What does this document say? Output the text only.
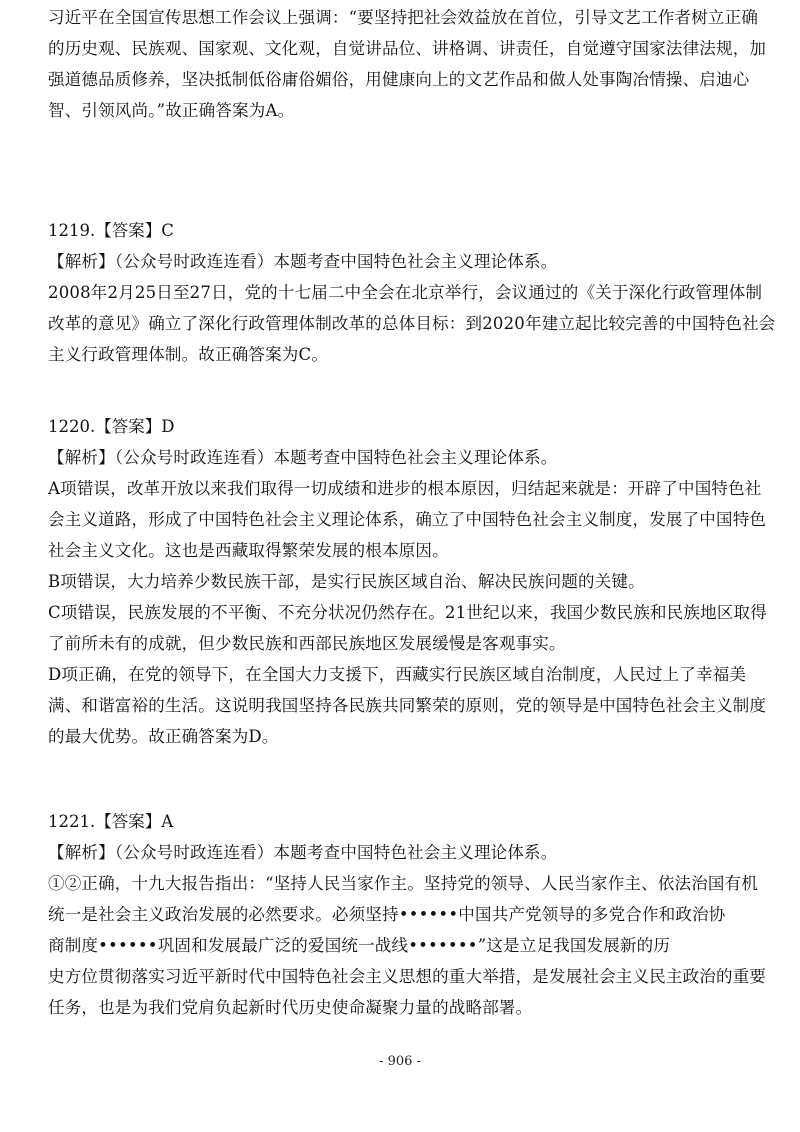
习近平在全国宣传思想工作会议上强调：“要坚持把社会效益放在首位，引导文艺工作者树立正确
的历史观、民族观、国家观、文化观，自觉讲品位、讲格调、讲责任，自觉遵守国家法律法规，加
强道德品质修养，坚决抵制低俗庸俗媚俗，用健康向上的文艺作品和做人处事陶冶情操、启迪心
智、引领风尚。”故正确答案为A。
1219.【答案】C
【解析】（公众号时政连连看）本题考查中国特色社会主义理论体系。
2008年2月25日至27日，党的十七届二中全会在北京举行，会议通过的《关于深化行政管理体制
改革的意见》确立了深化行政管理体制改革的总体目标：到2020年建立起比较完善的中国特色社会
主义行政管理体制。故正确答案为C。
1220.【答案】D
【解析】（公众号时政连连看）本题考查中国特色社会主义理论体系。
A项错误，改革开放以来我们取得一切成绩和进步的根本原因，归结起来就是：开辟了中国特色社
会主义道路，形成了中国特色社会主义理论体系，确立了中国特色社会主义制度，发展了中国特色
社会主义文化。这也是西藏取得繁荣发展的根本原因。
B项错误，大力培养少数民族干部，是实行民族区域自治、解决民族问题的关键。
C项错误，民族发展的不平衡、不充分状况仍然存在。21世纪以来，我国少数民族和民族地区取得
了前所未有的成就，但少数民族和西部民族地区发展缓慢是客观事实。
D项正确，在党的领导下，在全国大力支援下，西藏实行民族区域自治制度，人民过上了幸福美
满、和谐富裕的生活。这说明我国坚持各民族共同繁荣的原则，党的领导是中国特色社会主义制度
的最大优势。故正确答案为D。
1221.【答案】A
【解析】（公众号时政连连看）本题考查中国特色社会主义理论体系。
①②正确，十九大报告指出：“坚持人民当家作主。坚持党的领导、人民当家作主、依法治国有机
统一是社会主义政治发展的必然要求。必须坚持••••••中国共产党领导的多党合作和政治协
商制度••••••巩固和发展最广泛的爱国统一战线•••••••”这是立足我国发展新的历
史方位贯彻落实习近平新时代中国特色社会主义思想的重大举措，是发展社会主义民主政治的重要
任务，也是为我们党肩负起新时代历史使命凝聚力量的战略部署。
- 906 -
